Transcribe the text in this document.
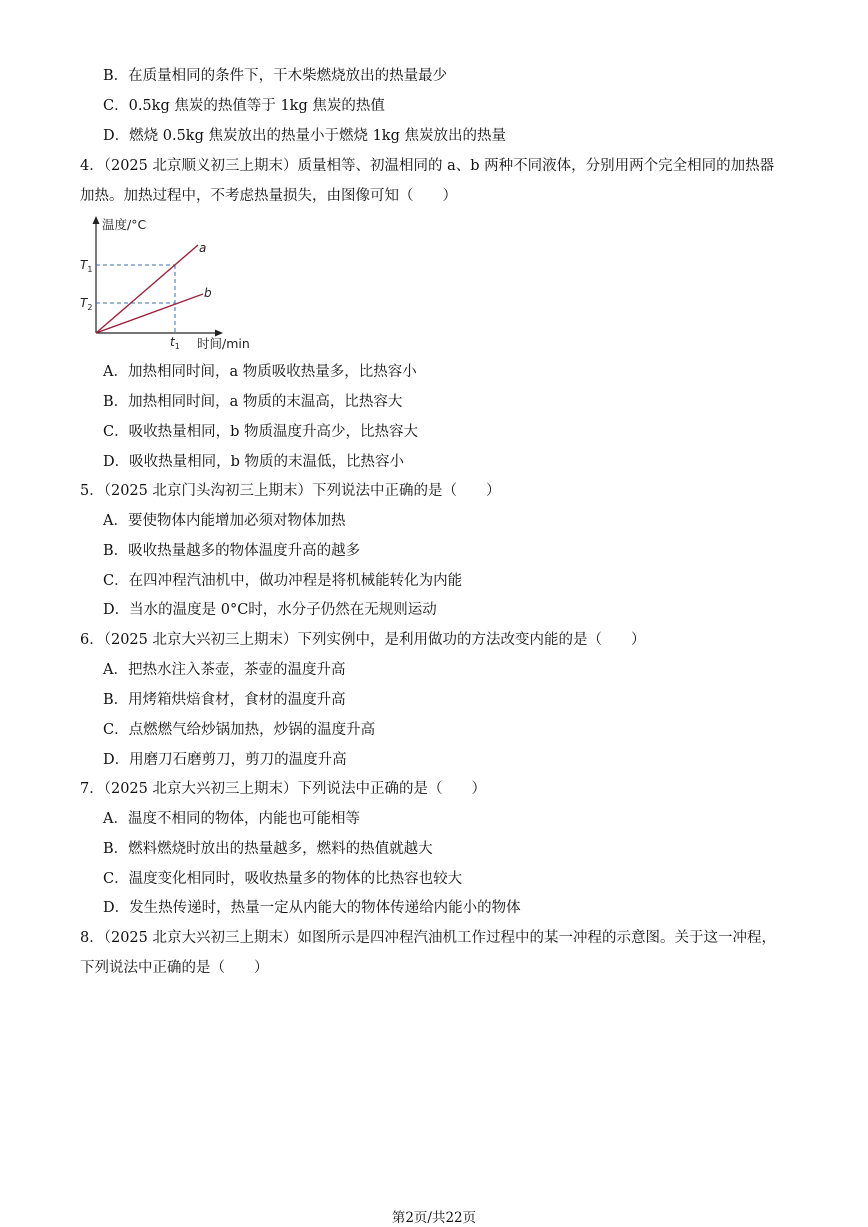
B．在质量相同的条件下，干木柴燃烧放出的热量最少
C．0.5kg 焦炭的热值等于 1kg 焦炭的热值
D．燃烧 0.5kg 焦炭放出的热量小于燃烧 1kg 焦炭放出的热量
4．（2025 北京顺义初三上期末）质量相等、初温相同的 a、b 两种不同液体，分别用两个完全相同的加热器
加热。加热过程中，不考虑热量损失，由图像可知（　　）
温度/°C
时间/min
a
b
$T_1$
$T_2$
$t_1$
A．加热相同时间，a 物质吸收热量多，比热容小
B．加热相同时间，a 物质的末温高，比热容大
C．吸收热量相同，b 物质温度升高少，比热容大
D．吸收热量相同，b 物质的末温低，比热容小
5．（2025 北京门头沟初三上期末）下列说法中正确的是（　　）
A．要使物体内能增加必须对物体加热
B．吸收热量越多的物体温度升高的越多
C．在四冲程汽油机中，做功冲程是将机械能转化为内能
D．当水的温度是 0°C时，水分子仍然在无规则运动
6．（2025 北京大兴初三上期末）下列实例中，是利用做功的方法改变内能的是（　　）
A．把热水注入茶壶，茶壶的温度升高
B．用烤箱烘焙食材，食材的温度升高
C．点燃燃气给炒锅加热，炒锅的温度升高
D．用磨刀石磨剪刀，剪刀的温度升高
7．（2025 北京大兴初三上期末）下列说法中正确的是（　　）
A．温度不相同的物体，内能也可能相等
B．燃料燃烧时放出的热量越多，燃料的热值就越大
C．温度变化相同时，吸收热量多的物体的比热容也较大
D．发生热传递时，热量一定从内能大的物体传递给内能小的物体
8．（2025 北京大兴初三上期末）如图所示是四冲程汽油机工作过程中的某一冲程的示意图。关于这一冲程，
下列说法中正确的是（　　）
第2页/共22页
